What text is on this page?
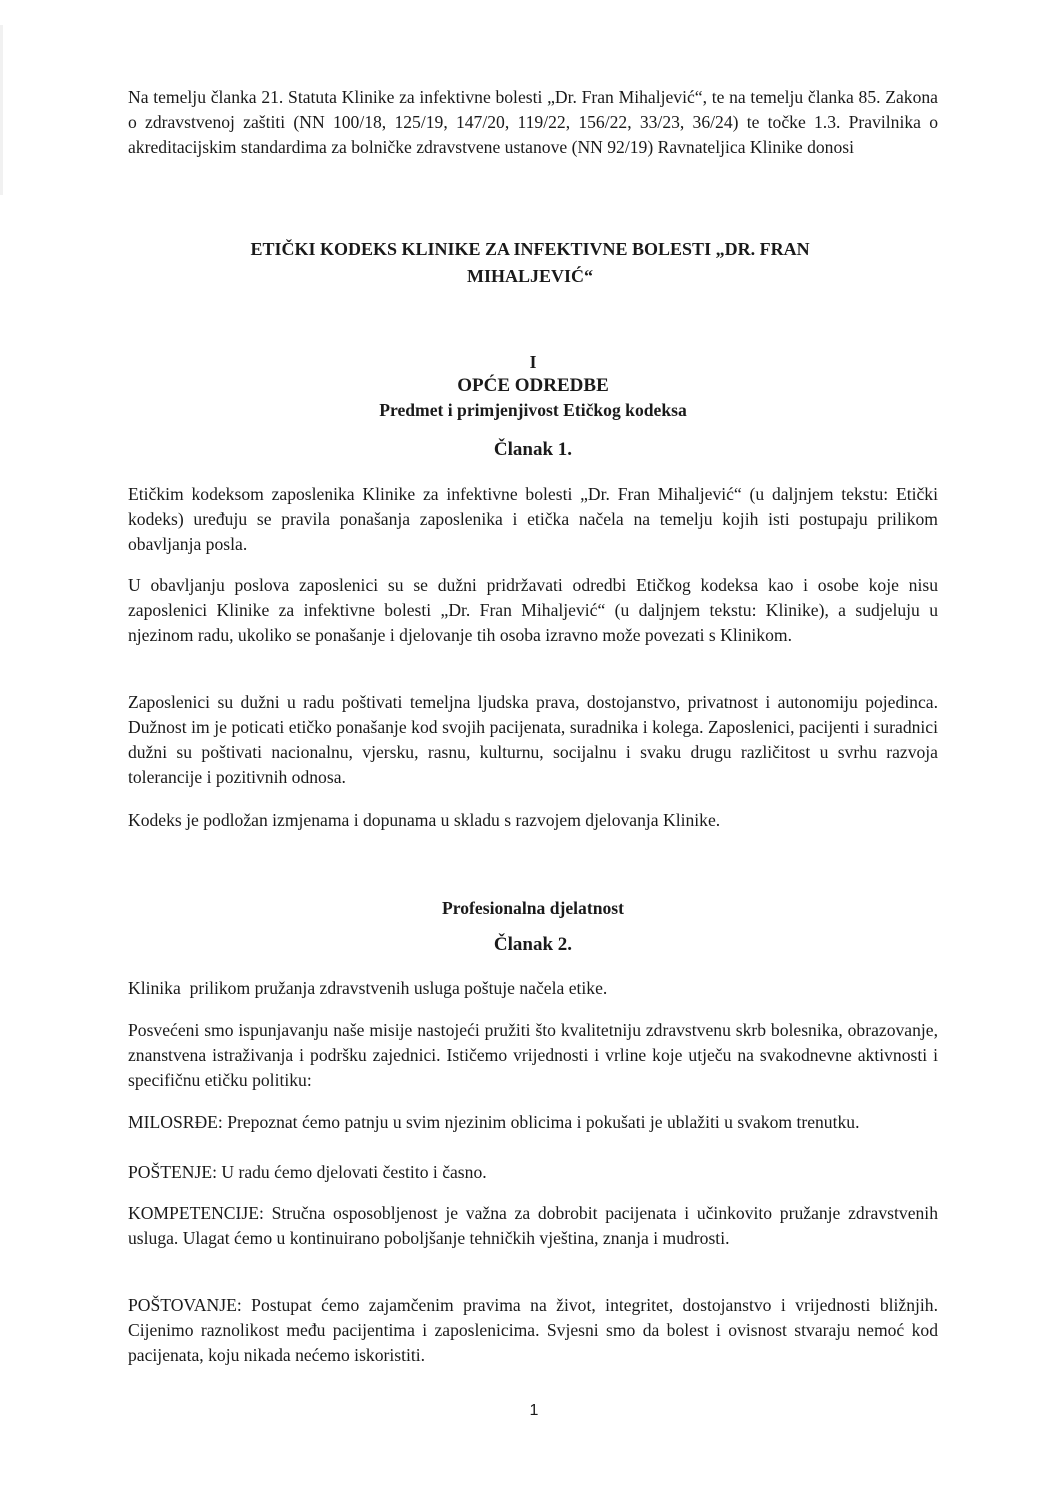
Na temelju članka 21. Statuta Klinike za infektivne bolesti „Dr. Fran Mihaljević“, te na temelju članka 85. Zakona o zdravstvenoj zaštiti (NN 100/18, 125/19, 147/20, 119/22, 156/22, 33/23, 36/24) te točke 1.3. Pravilnika o akreditacijskim standardima za bolničke zdravstvene ustanove (NN 92/19) Ravnateljica Klinike donosi

ETIČKI KODEKS KLINIKE ZA INFEKTIVNE BOLESTI „DR. FRAN
MIHALJEVIĆ“
I
OPĆE ODREDBE
Predmet i primjenjivost Etičkog kodeksa
Članak 1.

Etičkim kodeksom zaposlenika Klinike za infektivne bolesti „Dr. Fran Mihaljević“ (u daljnjem tekstu: Etički kodeks) uređuju se pravila ponašanja zaposlenika i etička načela na temelju kojih isti postupaju prilikom obavljanja posla.

U obavljanju poslova zaposlenici su se dužni pridržavati odredbi Etičkog kodeksa kao i osobe koje nisu zaposlenici Klinike za infektivne bolesti „Dr. Fran Mihaljević“ (u daljnjem tekstu: Klinike), a sudjeluju u njezinom radu, ukoliko se ponašanje i djelovanje tih osoba izravno može povezati s Klinikom.

Zaposlenici su dužni u radu poštivati temeljna ljudska prava, dostojanstvo, privatnost i autonomiju pojedinca. Dužnost im je poticati etičko ponašanje kod svojih pacijenata, suradnika i kolega. Zaposlenici, pacijenti i suradnici dužni su poštivati nacionalnu, vjersku, rasnu, kulturnu, socijalnu i svaku drugu različitost u svrhu razvoja tolerancije i pozitivnih odnosa.

Kodeks je podložan izmjenama i dopunama u skladu s razvojem djelovanja Klinike.

Profesionalna djelatnost
Članak 2.

Klinika  prilikom pružanja zdravstvenih usluga poštuje načela etike.

Posvećeni smo ispunjavanju naše misije nastojeći pružiti što kvalitetniju zdravstvenu skrb bolesnika, obrazovanje, znanstvena istraživanja i podršku zajednici. Ističemo vrijednosti i vrline koje utječu na svakodnevne aktivnosti i specifičnu etičku politiku:

MILOSRĐE: Prepoznat ćemo patnju u svim njezinim oblicima i pokušati je ublažiti u svakom trenutku.

POŠTENJE: U radu ćemo djelovati čestito i časno.

KOMPETENCIJE: Stručna osposobljenost je važna za dobrobit pacijenata i učinkovito pružanje zdravstvenih usluga. Ulagat ćemo u kontinuirano poboljšanje tehničkih vještina, znanja i mudrosti.

POŠTOVANJE: Postupat ćemo zajamčenim pravima na život, integritet, dostojanstvo i vrijednosti bližnjih. Cijenimo raznolikost među pacijentima i zaposlenicima. Svjesni smo da bolest i ovisnost stvaraju nemoć kod pacijenata, koju nikada nećemo iskoristiti.

1
